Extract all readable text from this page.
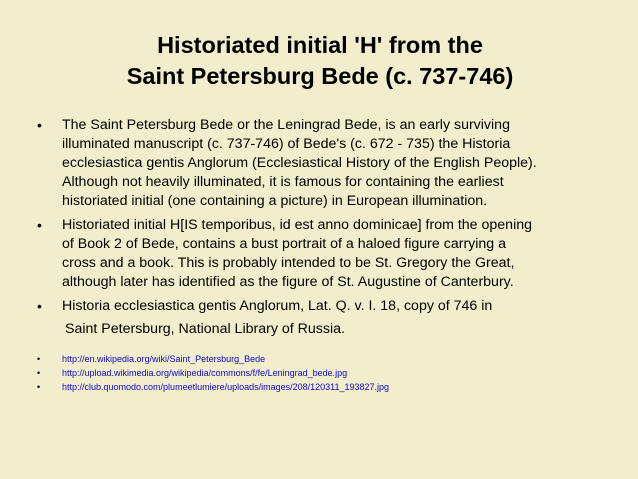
Historiated initial 'H' from the
Saint Petersburg Bede (c. 737-746)
• The Saint Petersburg Bede or the Leningrad Bede, is an early surviving
illuminated manuscript (c. 737-746) of Bede's (c. 672 - 735) the Historia
ecclesiastica gentis Anglorum (Ecclesiastical History of the English People).
Although not heavily illuminated, it is famous for containing the earliest
historiated initial (one containing a picture) in European illumination.
• Historiated initial H[IS temporibus, id est anno dominicae] from the opening
of Book 2 of Bede, contains a bust portrait of a haloed figure carrying a
cross and a book. This is probably intended to be St. Gregory the Great,
although later has identified as the figure of St. Augustine of Canterbury.
• Historia ecclesiastica gentis Anglorum, Lat. Q. v. I. 18, copy of 746 in
Saint Petersburg, National Library of Russia.
• http://en.wikipedia.org/wiki/Saint_Petersburg_Bede
• http://upload.wikimedia.org/wikipedia/commons/f/fe/Leningrad_bede.jpg
• http://club.quomodo.com/plumeetlumiere/uploads/images/208/120311_193827.jpg
